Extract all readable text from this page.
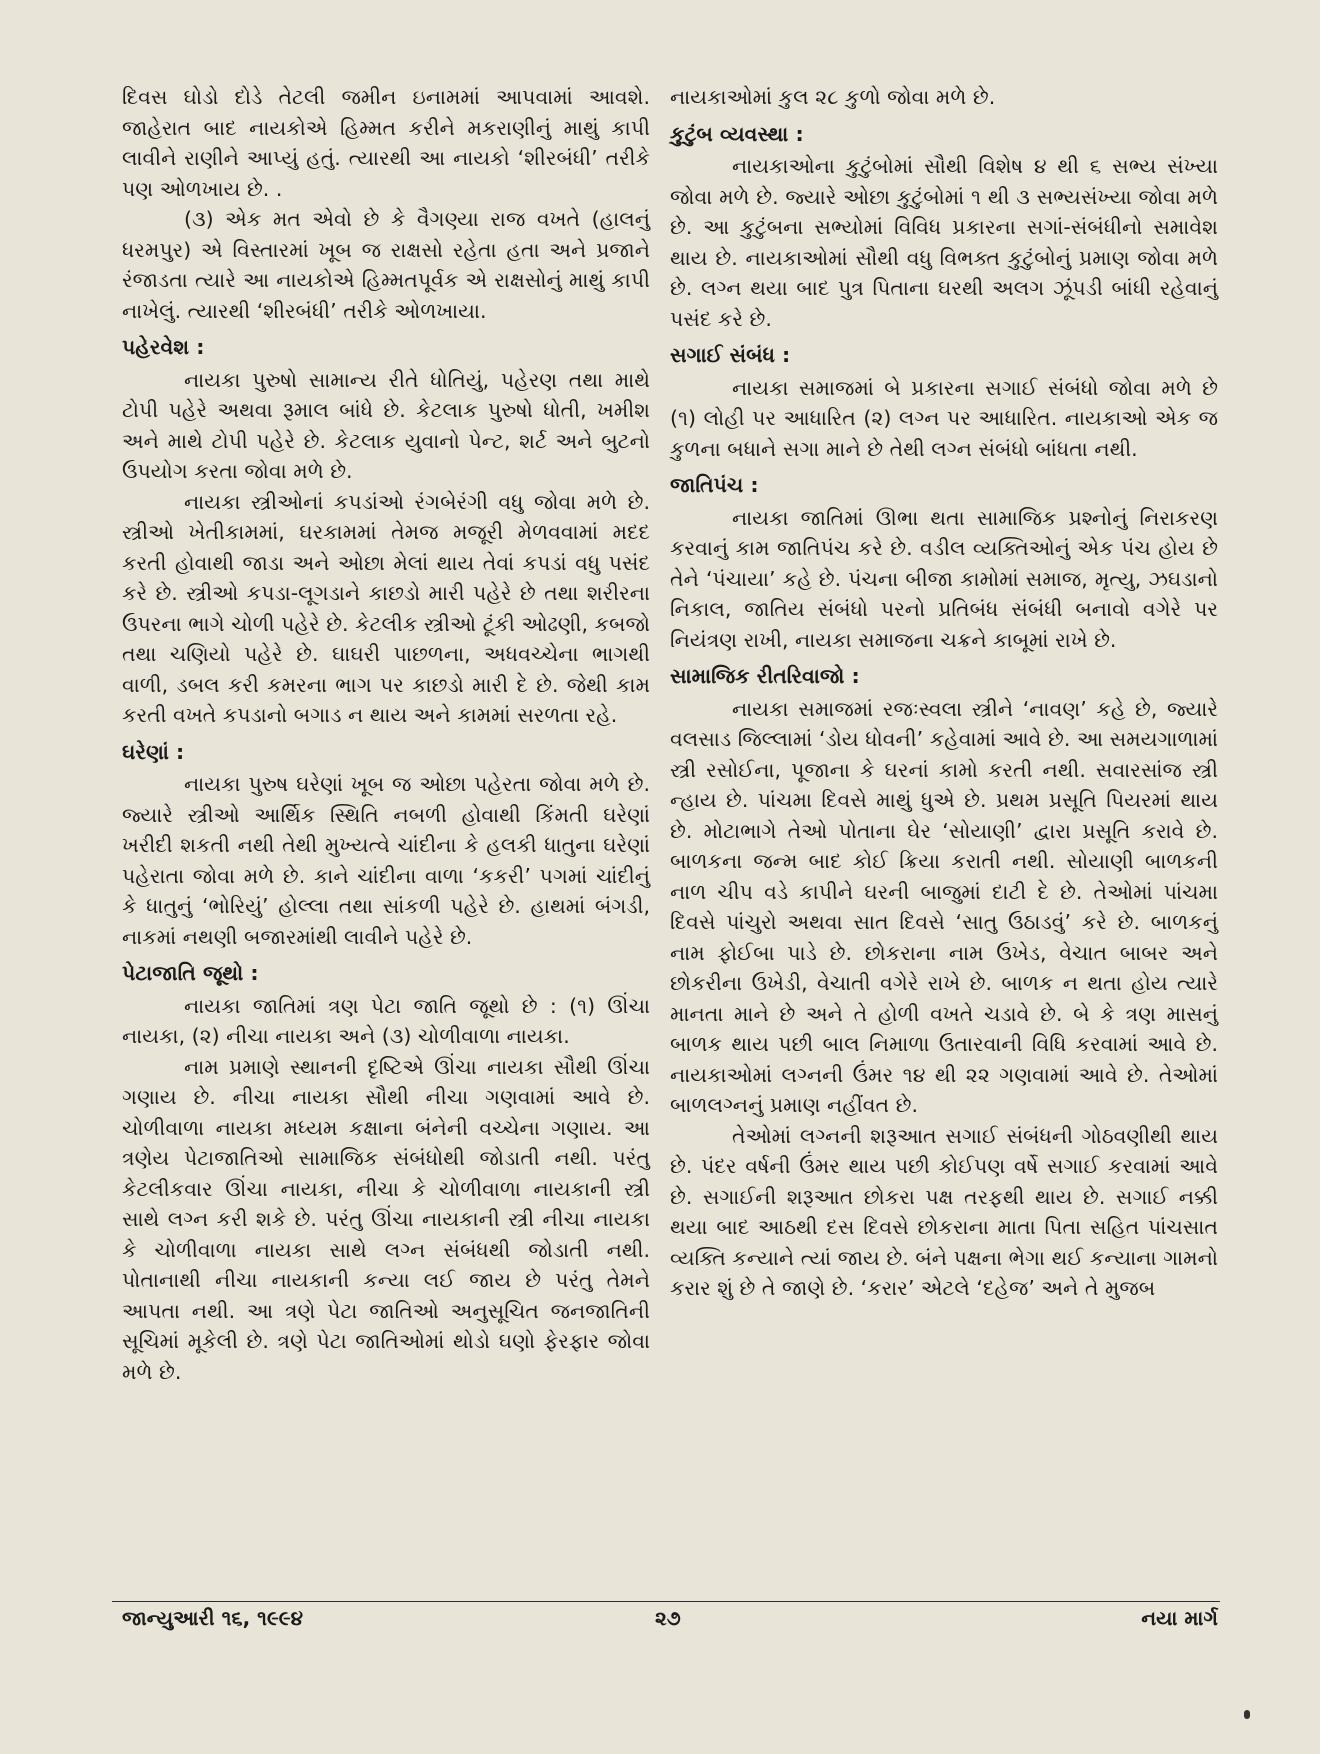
દિવસ ઘોડો દોડે તેટલી જમીન ઇનામમાં આપવામાં આવશે. જાહેરાત બાદ નાયકોએ હિમ્મત કરીને મકરાણીનું માથું કાપી લાવીને રાણીને આપ્યું હતું. ત્યારથી આ નાયકો ‘શીરબંધી’ તરીકે પણ ઓળખાય છે. .

(૩) એક મત એવો છે કે વૈગણ્યા રાજ વખતે (હાલનું ધરમપુર) એ વિસ્તારમાં ખૂબ જ રાક્ષસો રહેતા હતા અને પ્રજાને રંજાડતા ત્યારે આ નાયકોએ હિમ્મતપૂર્વક એ રાક્ષસોનું માથું કાપી નાખેલું. ત્યારથી ‘શીરબંધી’ તરીકે ઓળખાયા.

પહેરવેશ :

નાયકા પુરુષો સામાન્ય રીતે ધોતિયું, પહેરણ તથા માથે ટોપી પહેરે અથવા રૂમાલ બાંધે છે. કેટલાક પુરુષો ધોતી, ખમીશ અને માથે ટોપી પહેરે છે. કેટલાક યુવાનો પેન્ટ, શર્ટ અને બુટનો ઉપયોગ કરતા જોવા મળે છે.

નાયકા સ્ત્રીઓનાં કપડાંઓ રંગબેરંગી વધુ જોવા મળે છે. સ્ત્રીઓ ખેતીકામમાં, ઘરકામમાં તેમજ મજૂરી મેળવવામાં મદદ કરતી હોવાથી જાડા અને ઓછા મેલાં થાય તેવાં કપડાં વધુ પસંદ કરે છે. સ્ત્રીઓ કપડા-લૂગડાને કાછડો મારી પહેરે છે તથા શરીરના ઉપરના ભાગે ચોળી પહેરે છે. કેટલીક સ્ત્રીઓ ટૂંકી ઓઢણી, કબજો તથા ચણિયો પહેરે છે. ઘાઘરી પાછળના, અધવચ્ચેના ભાગથી વાળી, ડબલ કરી કમરના ભાગ પર કાછડો મારી દે છે. જેથી કામ કરતી વખતે કપડાનો બગાડ ન થાય અને કામમાં સરળતા રહે.

ઘરેણાં :

નાયકા પુરુષ ઘરેણાં ખૂબ જ ઓછા પહેરતા જોવા મળે છે. જ્યારે સ્ત્રીઓ આર્થિક સ્થિતિ નબળી હોવાથી કિંમતી ઘરેણાં ખરીદી શકતી નથી તેથી મુખ્યત્વે ચાંદીના કે હલકી ધાતુના ઘરેણાં પહેરાતા જોવા મળે છે. કાને ચાંદીના વાળા ‘કકરી’ પગમાં ચાંદીનું કે ધાતુનું ‘ભોરિયું’ હોલ્લા તથા સાંકળી પહેરે છે. હાથમાં બંગડી, નાકમાં નથણી બજારમાંથી લાવીને પહેરે છે.

પેટાજાતિ જૂથો :

નાયકા જાતિમાં ત્રણ પેટા જાતિ જૂથો છે : (૧) ઊંચા નાયકા, (૨) નીચા નાયકા અને (૩) ચોળીવાળા નાયકા.

નામ પ્રમાણે સ્થાનની દૃષ્ટિએ ઊંચા નાયકા સૌથી ઊંચા ગણાય છે. નીચા નાયકા સૌથી નીચા ગણવામાં આવે છે. ચોળીવાળા નાયકા મધ્યમ કક્ષાના બંનેની વચ્ચેના ગણાય. આ ત્રણેય પેટાજાતિઓ સામાજિક સંબંધોથી જોડાતી નથી. પરંતુ કેટલીકવાર ઊંચા નાયકા, નીચા કે ચોળીવાળા નાયકાની સ્ત્રી સાથે લગ્ન કરી શકે છે. પરંતુ ઊંચા નાયકાની સ્ત્રી નીચા નાયકા કે ચોળીવાળા નાયકા સાથે લગ્ન સંબંધથી જોડાતી નથી. પોતાનાથી નીચા નાયકાની કન્યા લઈ જાય છે પરંતુ તેમને આપતા નથી. આ ત્રણે પેટા જાતિઓ અનુસૂચિત જનજાતિની સૂચિમાં મૂકેલી છે. ત્રણે પેટા જાતિઓમાં થોડો ઘણો ફેરફાર જોવા મળે છે.

નાયકાઓમાં કુલ ૨૮ કુળો જોવા મળે છે.

કુટુંબ વ્યવસ્થા :

નાયકાઓના કુટુંબોમાં સૌથી વિશેષ ૪ થી ૬ સભ્ય સંખ્યા જોવા મળે છે. જ્યારે ઓછા કુટુંબોમાં ૧ થી ૩ સભ્યસંખ્યા જોવા મળે છે. આ કુટુંબના સભ્યોમાં વિવિધ પ્રકારના સગાં-સંબંધીનો સમાવેશ થાય છે. નાયકાઓમાં સૌથી વધુ વિભક્ત કુટુંબોનું પ્રમાણ જોવા મળે છે. લગ્ન થયા બાદ પુત્ર પિતાના ઘરથી અલગ ઝૂંપડી બાંધી રહેવાનું પસંદ કરે છે.

સગાઈ સંબંધ :

નાયકા સમાજમાં બે પ્રકારના સગાઈ સંબંધો જોવા મળે છે (૧) લોહી પર આધારિત (૨) લગ્ન પર આધારિત. નાયકાઓ એક જ કુળના બધાને સગા માને છે તેથી લગ્ન સંબંધો બાંધતા નથી.

જાતિપંચ :

નાયકા જાતિમાં ઊભા થતા સામાજિક પ્રશ્નોનું નિરાકરણ કરવાનું કામ જાતિપંચ કરે છે. વડીલ વ્યક્તિઓનું એક પંચ હોય છે તેને ‘પંચાયા’ કહે છે. પંચના બીજા કામોમાં સમાજ, મૃત્યુ, ઝઘડાનો નિકાલ, જાતિય સંબંધો પરનો પ્રતિબંધ સંબંધી બનાવો વગેરે પર નિયંત્રણ રાખી, નાયકા સમાજના ચક્રને કાબૂમાં રાખે છે.

સામાજિક રીતરિવાજો :

નાયકા સમાજમાં રજઃસ્વલા સ્ત્રીને ‘નાવણ’ કહે છે, જ્યારે વલસાડ જિલ્લામાં ‘ડોય ધોવની’ કહેવામાં આવે છે. આ સમયગાળામાં સ્ત્રી રસોઈના, પૂજાના કે ઘરનાં કામો કરતી નથી. સવારસાંજ સ્ત્રી ન્હાય છે. પાંચમા દિવસે માથું ધુએ છે. પ્રથમ પ્રસૂતિ પિયરમાં થાય છે. મોટાભાગે તેઓ પોતાના ઘેર ‘સોયાણી’ દ્વારા પ્રસૂતિ કરાવે છે. બાળકના જન્મ બાદ કોઈ ક્રિયા કરાતી નથી. સોયાણી બાળકની નાળ ચીપ વડે કાપીને ઘરની બાજુમાં દાટી દે છે. તેઓમાં પાંચમા દિવસે પાંચુરો અથવા સાત દિવસે ‘સાતુ ઉઠાડવું’ કરે છે. બાળકનું નામ ફોઈબા પાડે છે. છોકરાના નામ ઉખેડ, વેચાત બાબર અને છોકરીના ઉખેડી, વેચાતી વગેરે રાખે છે. બાળક ન થતા હોય ત્યારે માનતા માને છે અને તે હોળી વખતે ચડાવે છે. બે કે ત્રણ માસનું બાળક થાય પછી બાલ નિમાળા ઉતારવાની વિધિ કરવામાં આવે છે. નાયકાઓમાં લગ્નની ઉંમર ૧૪ થી ૨૨ ગણવામાં આવે છે. તેઓમાં બાળલગ્નનું પ્રમાણ નહીંવત છે.

તેઓમાં લગ્નની શરૂઆત સગાઈ સંબંધની ગોઠવણીથી થાય છે. પંદર વર્ષની ઉંમર થાય પછી કોઈપણ વર્ષે સગાઈ કરવામાં આવે છે. સગાઈની શરૂઆત છોકરા પક્ષ તરફથી થાય છે. સગાઈ નક્કી થયા બાદ આઠથી દસ દિવસે છોકરાના માતા પિતા સહિત પાંચસાત વ્યક્તિ કન્યાને ત્યાં જાય છે. બંને પક્ષના ભેગા થઈ કન્યાના ગામનો કરાર શું છે તે જાણે છે. ‘કરાર’ એટલે ‘દહેજ’ અને તે મુજબ

જાન્યુઆરી ૧૬, ૧૯૯૪	૨૭	નયા માર્ગ
